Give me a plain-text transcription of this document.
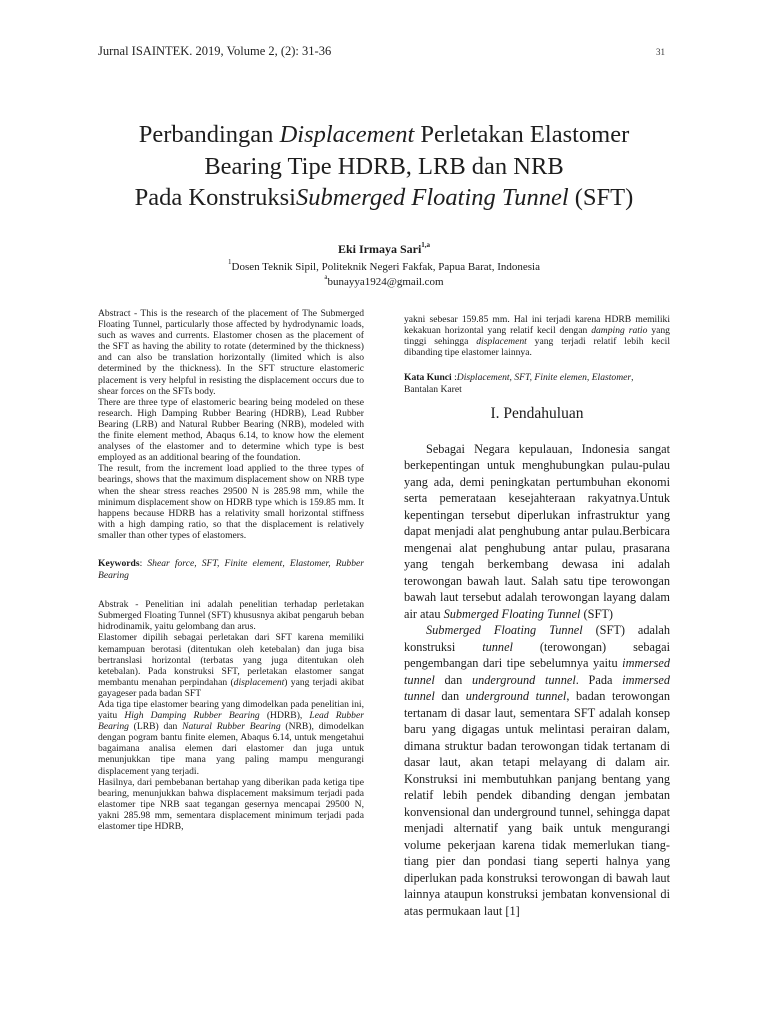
Jurnal ISAINTEK. 2019, Volume 2, (2): 31-36	31
Perbandingan Displacement Perletakan Elastomer
Bearing Tipe HDRB, LRB dan NRB
Pada KonstruksiSubmerged Floating Tunnel (SFT)
Eki Irmaya Sari$^{1,a}$
$^1$Dosen Teknik Sipil, Politeknik Negeri Fakfak, Papua Barat, Indonesia
$^a$bunayya1924@gmail.com

Abstract - This is the research of the placement of The Submerged Floating Tunnel, particularly those affected by hydrodynamic loads, such as waves and currents. Elastomer chosen as the placement of the SFT as having the ability to rotate (determined by the thickness) and can also be translation horizontally (limited which is also determined by the thickness). In the SFT structure elastomeric placement is very helpful in resisting the displacement occurs due to shear forces on the SFTs body.

There are three type of elastomeric bearing being modeled on these research. High Damping Rubber Bearing (HDRB), Lead Rubber Bearing (LRB) and Natural Rubber Bearing (NRB), modeled with the finite element method, Abaqus 6.14, to know how the element analyses of the elastomer and to determine which type is best employed as an additional bearing of the foundation.

The result, from the increment load applied to the three types of bearings, shows that the maximum displacement show on NRB type when the shear stress reaches 29500 N is 285.98 mm, while the minimum displacement show on HDRB type which is 159.85 mm. It happens because HDRB has a relativity small horizontal stiffness with a high damping ratio, so that the displacement is relatively smaller than other types of elastomers.

Keywords: Shear force, SFT, Finite element, Elastomer, Rubber Bearing

Abstrak - Penelitian ini adalah penelitian terhadap perletakan Submerged Floating Tunnel (SFT) khususnya akibat pengaruh beban hidrodinamik, yaitu gelombang dan arus.

Elastomer dipilih sebagai perletakan dari SFT karena memiliki kemampuan berotasi (ditentukan oleh ketebalan) dan juga bisa bertranslasi horizontal (terbatas yang juga ditentukan oleh ketebalan). Pada konstruksi SFT, perletakan elastomer sangat membantu menahan perpindahan (displacement) yang terjadi akibat gayageser pada badan SFT

Ada tiga tipe elastomer bearing yang dimodelkan pada penelitian ini, yaitu High Damping Rubber Bearing (HDRB), Lead Rubber Bearing (LRB) dan Natural Rubber Bearing (NRB), dimodelkan dengan pogram bantu finite elemen, Abaqus 6.14, untuk mengetahui bagaimana analisa elemen dari elastomer dan juga untuk menunjukkan tipe mana yang paling mampu mengurangi displacement yang terjadi.

Hasilnya, dari pembebanan bertahap yang diberikan pada ketiga tipe bearing, menunjukkan bahwa displacement maksimum terjadi pada elastomer tipe NRB saat tegangan gesernya mencapai 29500 N, yakni 285.98 mm, sementara displacement minimum terjadi pada elastomer tipe HDRB,

yakni sebesar 159.85 mm. Hal ini terjadi karena HDRB memiliki kekakuan horizontal yang relatif kecil dengan damping ratio yang tinggi sehingga displacement yang terjadi relatif lebih kecil dibanding tipe elastomer lainnya.

Kata Kunci :Displacement, SFT, Finite elemen, Elastomer, Bantalan Karet

I. Pendahuluan

Sebagai Negara kepulauan, Indonesia sangat berkepentingan untuk menghubungkan pulau-pulau yang ada, demi peningkatan pertumbuhan ekonomi serta pemerataan kesejahteraan rakyatnya.Untuk kepentingan tersebut diperlukan infrastruktur yang dapat menjadi alat penghubung antar pulau.Berbicara mengenai alat penghubung antar pulau, prasarana yang tengah berkembang dewasa ini adalah terowongan bawah laut. Salah satu tipe terowongan bawah laut tersebut adalah terowongan layang dalam air atau Submerged Floating Tunnel (SFT)

Submerged Floating Tunnel (SFT) adalah konstruksi tunnel (terowongan) sebagai pengembangan dari tipe sebelumnya yaitu immersed tunnel dan underground tunnel. Pada immersed tunnel dan underground tunnel, badan terowongan tertanam di dasar laut, sementara SFT adalah konsep baru yang digagas untuk melintasi perairan dalam, dimana struktur badan terowongan tidak tertanam di dasar laut, akan tetapi melayang di dalam air. Konstruksi ini membutuhkan panjang bentang yang relatif lebih pendek dibanding dengan jembatan konvensional dan underground tunnel, sehingga dapat menjadi alternatif yang baik untuk mengurangi volume pekerjaan karena tidak memerlukan tiang-tiang pier dan pondasi tiang seperti halnya yang diperlukan pada konstruksi terowongan di bawah laut lainnya ataupun konstruksi jembatan konvensional di atas permukaan laut [1]
